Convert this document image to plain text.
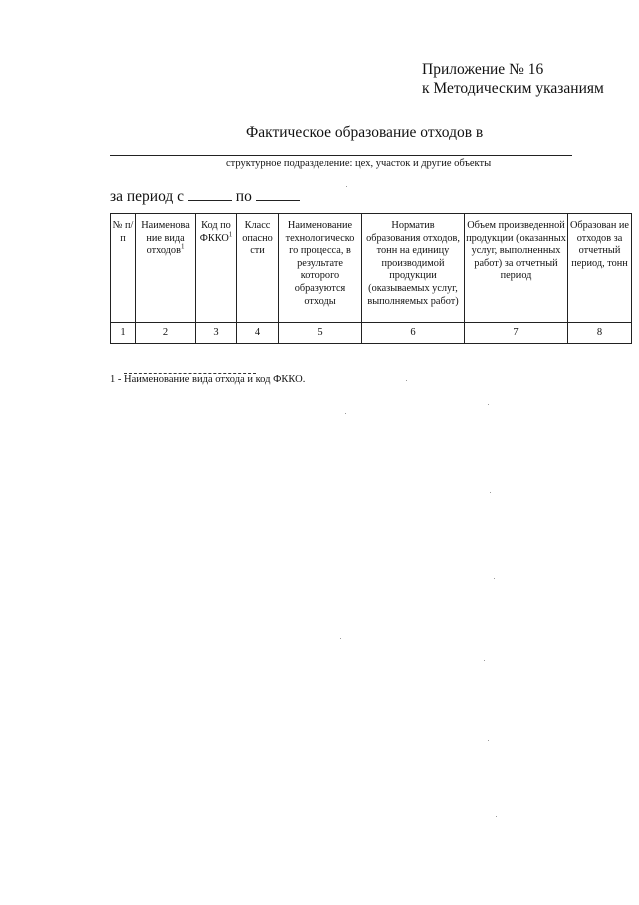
Приложение № 16
к Методическим указаниям
Фактическое образование отходов в
структурное подразделение: цех, участок и другие объекты
за период с	по
№ п/п	Наименова ние вида отходов$^1$	Код по ФККО$^1$	Класс опасно сти	Наименование технологическо го процесса, в результате которого образуются отходы	Норматив образования отходов, тонн на единицу производимой продукции (оказываемых услуг, выполняемых работ)	Объем произведенной продукции (оказанных услуг, выполненных работ) за отчетный период	Образован ие отходов за отчетный период, тонн
1	2	3	4	5	6	7	8
1 - Наименование вида отхода и код ФККО.
